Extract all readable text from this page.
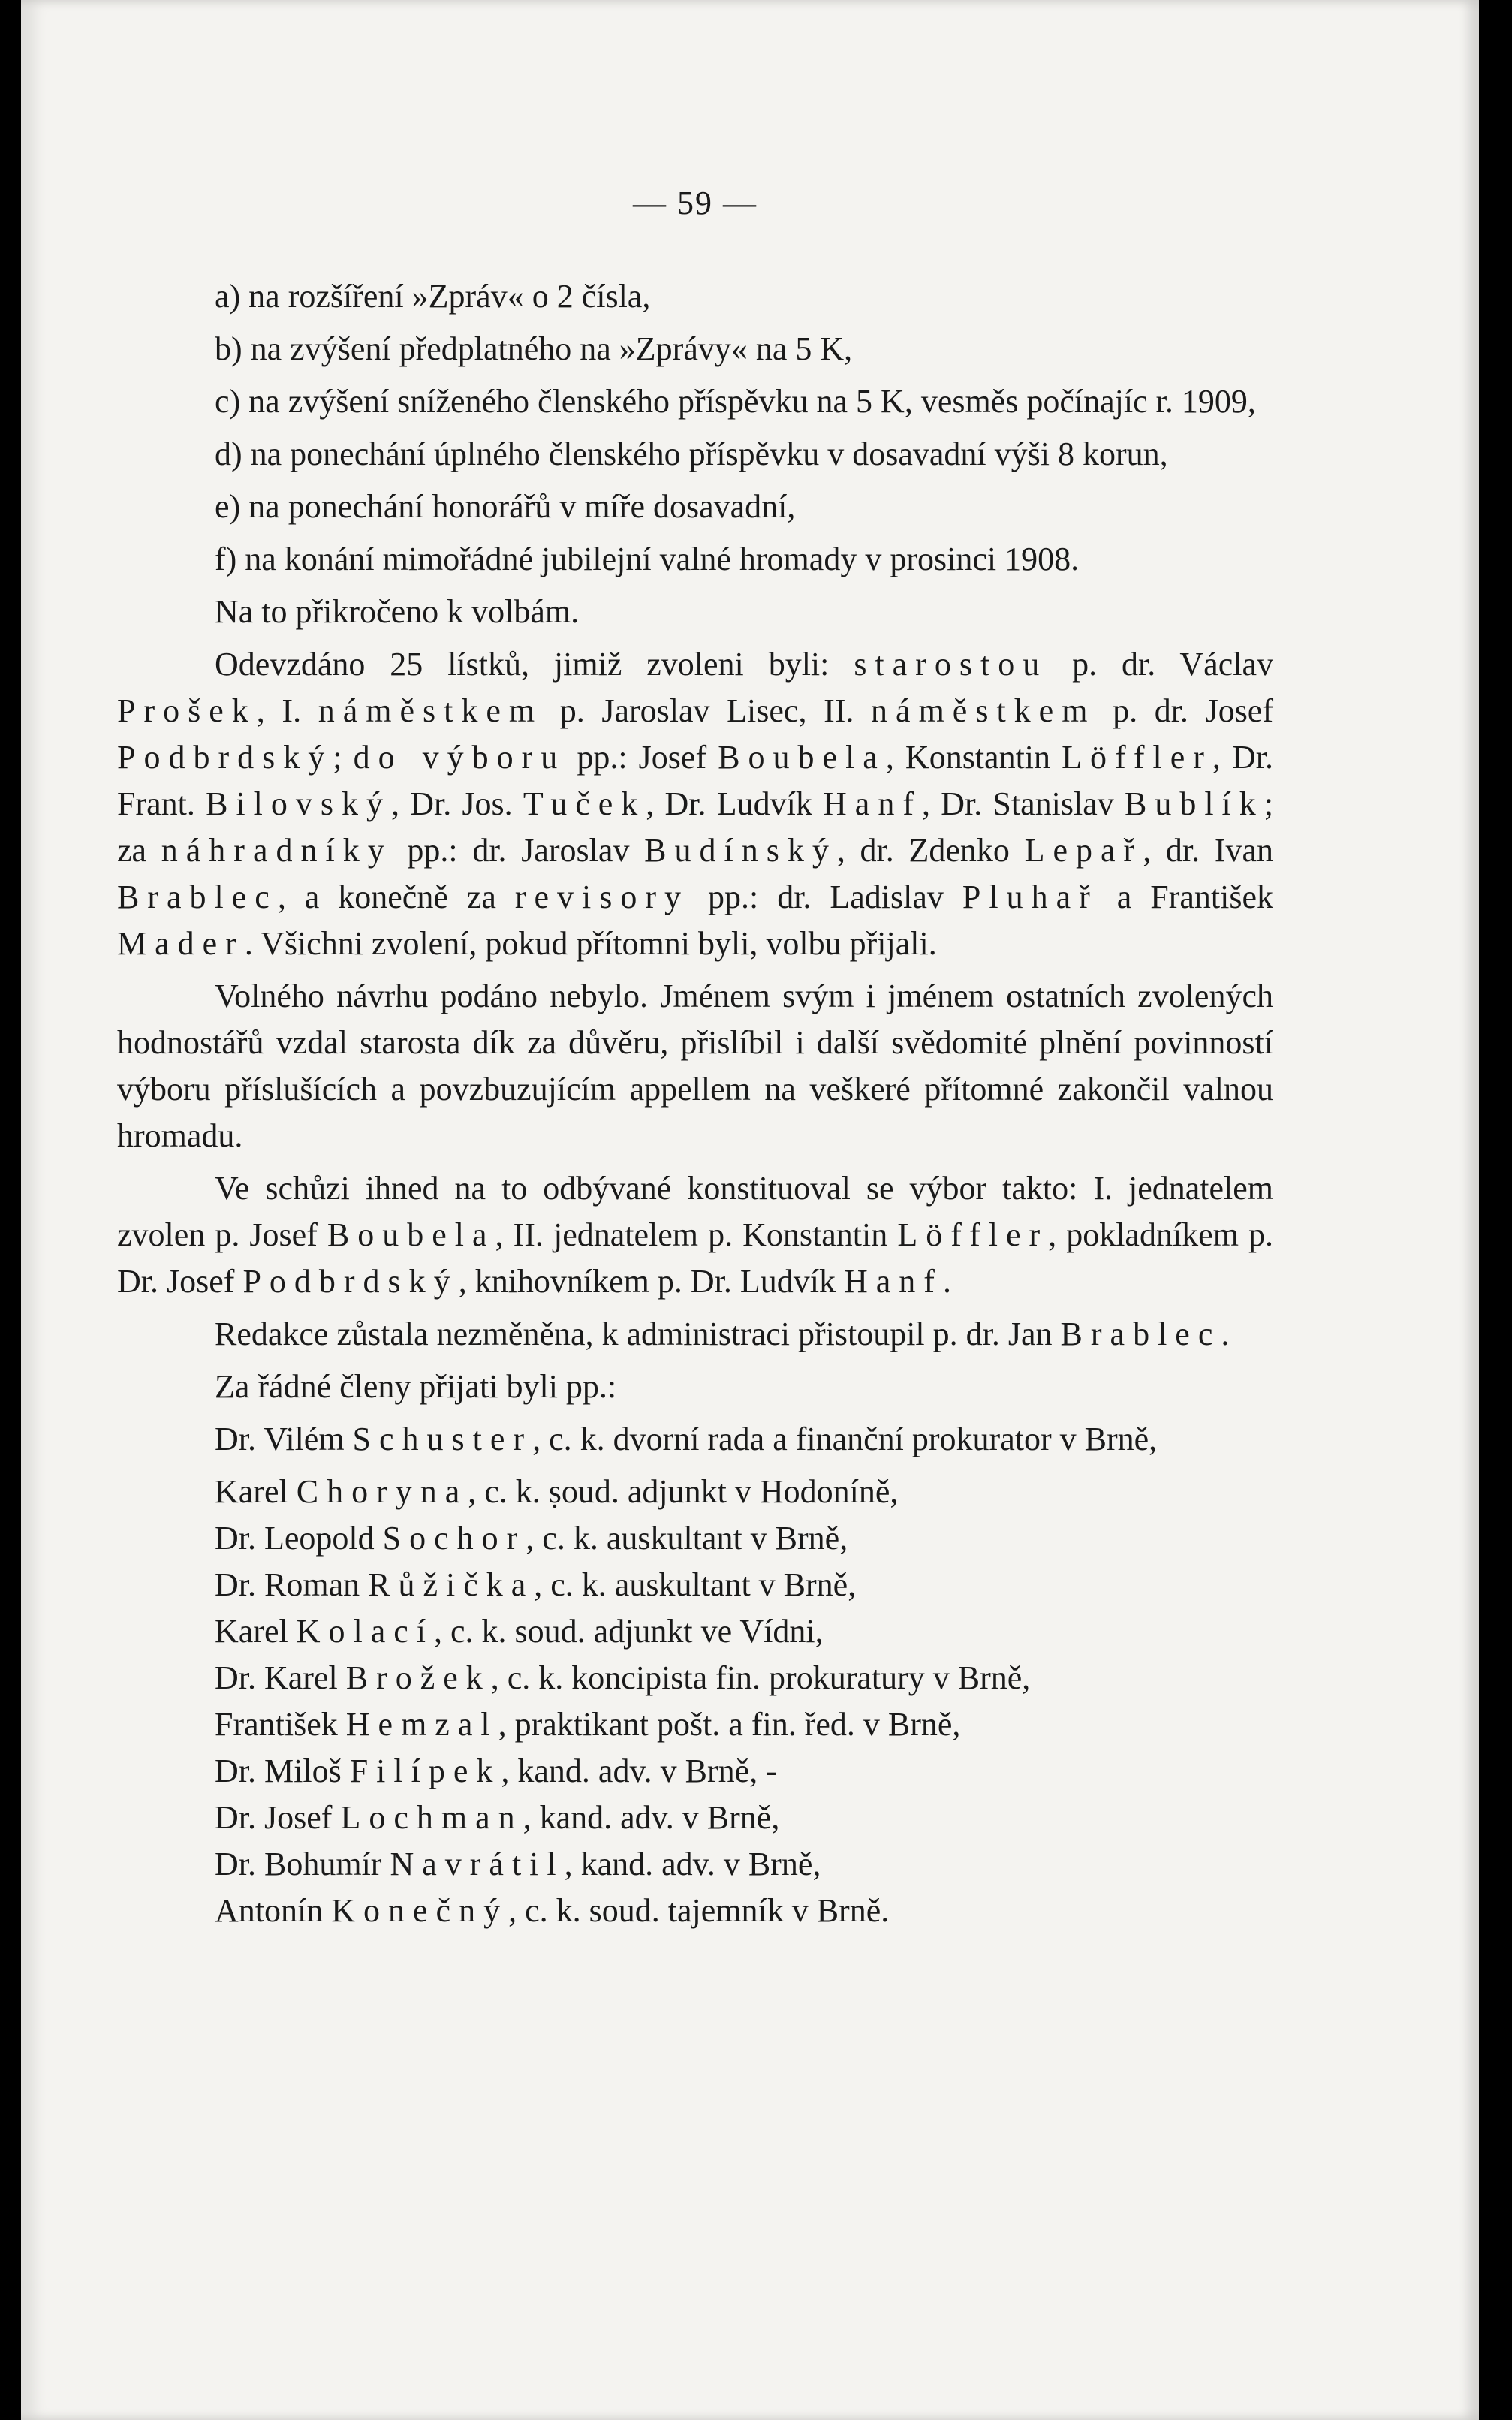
— 59 —

a) na rozšíření »Zpráv« o 2 čísla,

b) na zvýšení předplatného na »Zprávy« na 5 K,

c) na zvýšení sníženého členského příspěvku na 5 K, vesměs počínajíc r. 1909,

d) na ponechání úplného členského příspěvku v dosavadní výši 8 korun,

e) na ponechání honorářů v míře dosavadní,

f) na konání mimořádné jubilejní valné hromady v prosinci 1908.

Na to přikročeno k volbám.

Odevzdáno 25 lístků, jimiž zvoleni byli: starostou p. dr. Václav Prošek, I. náměstkem p. Jaroslav Lisec, II. náměstkem p. dr. Josef Podbrdský; do výboru pp.: Josef Boubela, Konstantin Löffler, Dr. Frant. Bilovský, Dr. Jos. Tuček, Dr. Ludvík Hanf, Dr. Stanislav Bublík; za náhradníky pp.: dr. Jaroslav Budínský, dr. Zdenko Lepař, dr. Ivan Brablec, a konečně za revisory pp.: dr. Ladislav Pluhař a František Mader. Všichni zvolení, pokud přítomni byli, volbu přijali.

Volného návrhu podáno nebylo. Jménem svým i jménem ostatních zvolených hodnostářů vzdal starosta dík za důvěru, přislíbil i další svědomité plnění povinností výboru příslušících a povzbuzujícím appellem na veškeré přítomné zakončil valnou hromadu.

Ve schůzi ihned na to odbývané konstituoval se výbor takto: I. jednatelem zvolen p. Josef Boubela, II. jednatelem p. Konstantin Löffler, pokladníkem p. Dr. Josef Podbrdský, knihovníkem p. Dr. Ludvík Hanf.

Redakce zůstala nezměněna, k administraci přistoupil p. dr. Jan Brablec.

Za řádné členy přijati byli pp.:

Dr. Vilém Schuster, c. k. dvorní rada a finanční prokurator v Brně,

Karel Choryna, c. k. ṣoud. adjunkt v Hodoníně,

Dr. Leopold Sochor, c. k. auskultant v Brně,

Dr. Roman Růžička, c. k. auskultant v Brně,

Karel Kolací, c. k. soud. adjunkt ve Vídni,

Dr. Karel Brožek, c. k. koncipista fin. prokuratury v Brně,

František Hemzal, praktikant pošt. a fin. řed. v Brně,

Dr. Miloš Filípek, kand. adv. v Brně, -

Dr. Josef Lochman, kand. adv. v Brně,

Dr. Bohumír Navrátil, kand. adv. v Brně,

Antonín Konečný, c. k. soud. tajemník v Brně.
